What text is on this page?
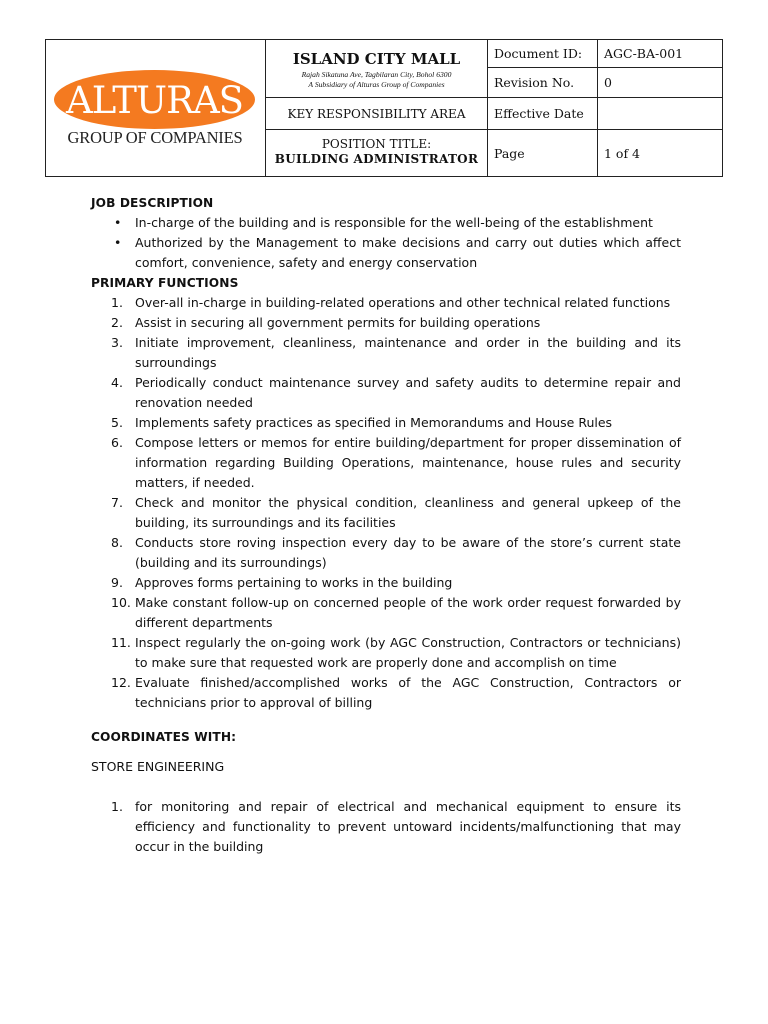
ALTURAS
GROUP OF COMPANIES
ISLAND CITY MALL
Rajah Sikatuna Ave, Tagbilaran City, Bohol 6300
A Subsidiary of Alturas Group of Companies
KEY RESPONSIBILITY AREA
POSITION TITLE:
BUILDING ADMINISTRATOR
Document ID:	AGC-BA-001
Revision No.	0
Effective Date
Page	1 of 4
JOB DESCRIPTION
• In-charge of the building and is responsible for the well-being of the establishment
• Authorized by the Management to make decisions and carry out duties which affect comfort, convenience, safety and energy conservation
PRIMARY FUNCTIONS
1. Over-all in-charge in building-related operations and other technical related functions
2. Assist in securing all government permits for building operations
3. Initiate improvement, cleanliness, maintenance and order in the building and its surroundings
4. Periodically conduct maintenance survey and safety audits to determine repair and renovation needed
5. Implements safety practices as specified in Memorandums and House Rules
6. Compose letters or memos for entire building/department for proper dissemination of information regarding Building Operations, maintenance, house rules and security matters, if needed.
7. Check and monitor the physical condition, cleanliness and general upkeep of the building, its surroundings and its facilities
8. Conducts store roving inspection every day to be aware of the store’s current state (building and its surroundings)
9. Approves forms pertaining to works in the building
10. Make constant follow-up on concerned people of the work order request forwarded by different departments
11. Inspect regularly the on-going work (by AGC Construction, Contractors or technicians) to make sure that requested work are properly done and accomplish on time
12. Evaluate finished/accomplished works of the AGC Construction, Contractors or technicians prior to approval of billing
COORDINATES WITH:
STORE ENGINEERING
1. for monitoring and repair of electrical and mechanical equipment to ensure its efficiency and functionality to prevent untoward incidents/malfunctioning that may occur in the building
